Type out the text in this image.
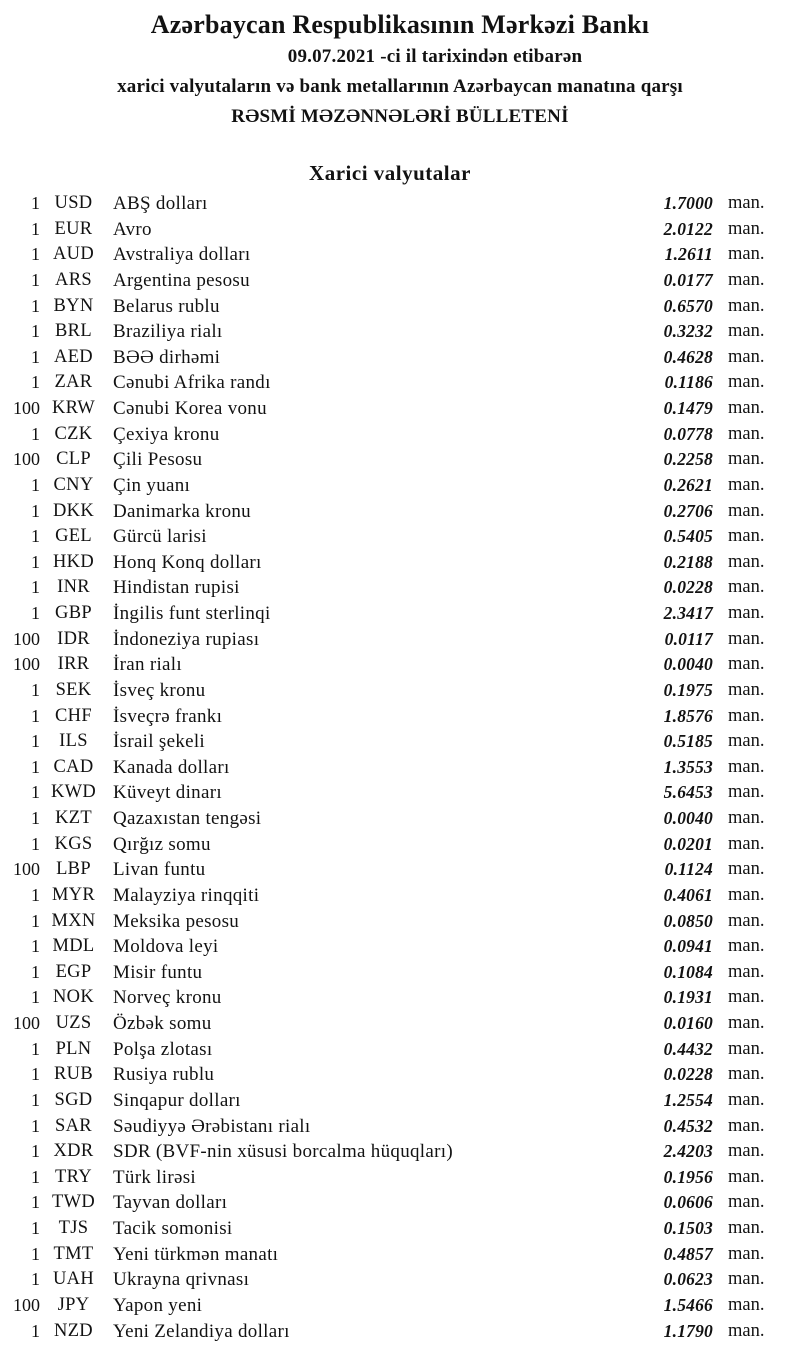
Azərbaycan Respublikasının Mərkəzi Bankı
09.07.2021 -ci il tarixindən etibarən
xarici valyutaların və bank metallarının Azərbaycan manatına qarşı
RƏSMİ MƏZƏNNƏLƏRİ BÜLLETENİ
Xarici valyutalar
1 USD	ABŞ dolları	1.7000 man.
1 EUR	Avro	2.0122 man.
1 AUD	Avstraliya dolları	1.2611 man.
1 ARS	Argentina pesosu	0.0177 man.
1 BYN	Belarus rublu	0.6570 man.
1 BRL	Braziliya rialı	0.3232 man.
1 AED	BƏƏ dirhəmi	0.4628 man.
1 ZAR	Cənubi Afrika randı	0.1186 man.
100 KRW Cənubi Korea vonu	0.1479 man.
1 CZK	Çexiya kronu	0.0778 man.
100 CLP	Çili Pesosu	0.2258 man.
1 CNY	Çin yuanı	0.2621 man.
1 DKK	Danimarka kronu	0.2706 man.
1 GEL	Gürcü larisi	0.5405 man.
1 HKD	Honq Konq dolları	0.2188 man.
1 INR	Hindistan rupisi	0.0228 man.
1 GBP	İngilis funt sterlinqi	2.3417 man.
100 IDR	İndoneziya rupiası	0.0117 man.
100 IRR	İran rialı	0.0040 man.
1 SEK	İsveç kronu	0.1975 man.
1 CHF	İsveçrə frankı	1.8576 man.
1	ILS	İsrail şekeli	0.5185 man.
1 CAD	Kanada dolları	1.3553 man.
1 KWD Küveyt dinarı	5.6453 man.
1 KZT	Qazaxıstan tengəsi	0.0040 man.
1 KGS	Qırğız somu	0.0201 man.
100 LBP	Livan funtu	0.1124 man.
1 MYR Malayziya rinqqiti	0.4061 man.
1 MXN Meksika pesosu	0.0850 man.
1 MDL Moldova leyi	0.0941 man.
1 EGP	Misir funtu	0.1084 man.
1 NOK	Norveç kronu	0.1931 man.
100 UZS	Özbək somu	0.0160 man.
1 PLN	Polşa zlotası	0.4432 man.
1 RUB	Rusiya rublu	0.0228 man.
1 SGD	Sinqapur dolları	1.2554 man.
1 SAR	Səudiyyə Ərəbistanı rialı	0.4532 man.
1 XDR	SDR (BVF-nin xüsusi borcalma hüquqları)	2.4203 man.
1 TRY	Türk lirəsi	0.1956 man.
1 TWD Tayvan dolları	0.0606 man.
1	TJS	Tacik somonisi	0.1503 man.
1 TMT	Yeni türkmən manatı	0.4857 man.
1 UAH	Ukrayna qrivnası	0.0623 man.
100 JPY	Yapon yeni	1.5466 man.
1 NZD	Yeni Zelandiya dolları	1.1790 man.
